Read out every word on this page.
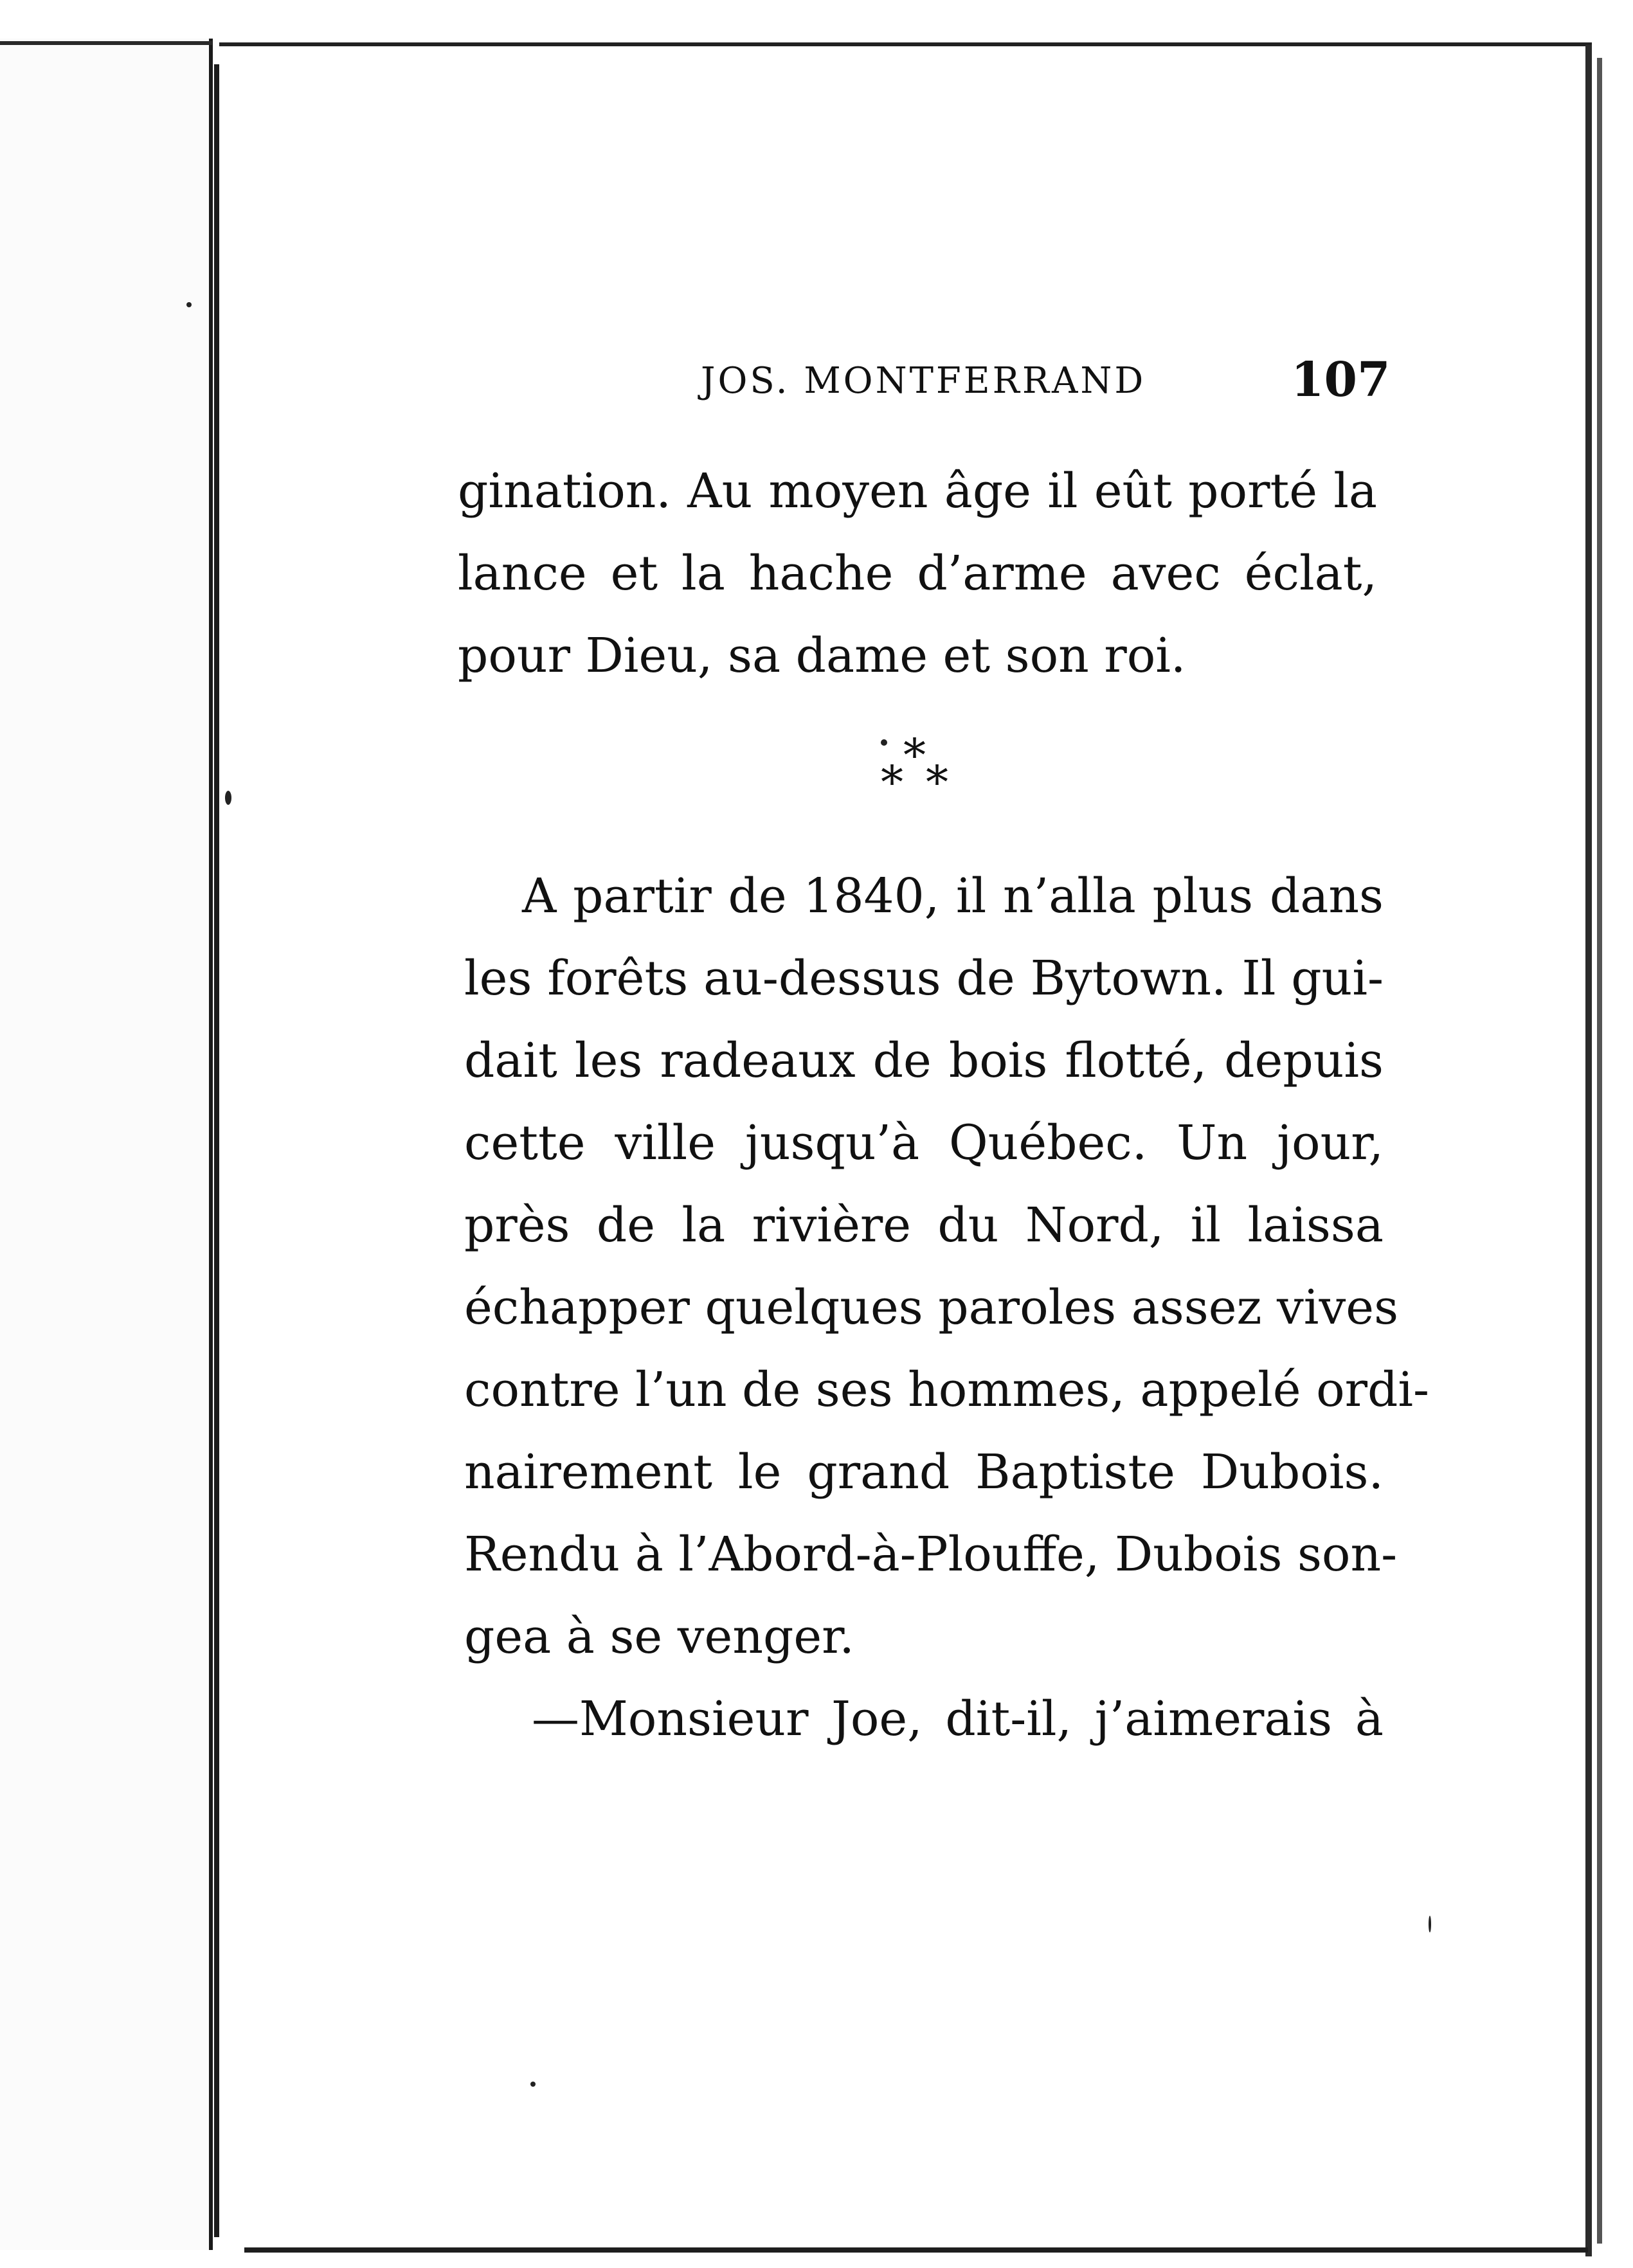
JOS. MONTFERRAND	107
gination. Au moyen âge il eût porté la
lance et la hache d’arme avec éclat,
pour Dieu, sa dame et son roi.
*
* *
A partir de 1840, il n’alla plus dans
les forêts au-dessus de Bytown. Il gui-
dait les radeaux de bois flotté, depuis
cette ville jusqu’à Québec. Un jour,
près de la rivière du Nord, il laissa
échapper quelques paroles assez vives
contre l’un de ses hommes, appelé ordi-
nairement le grand Baptiste Dubois.
Rendu à l’Abord-à-Plouffe, Dubois son-
gea à se venger.
—Monsieur Joe, dit-il, j’aimerais à
